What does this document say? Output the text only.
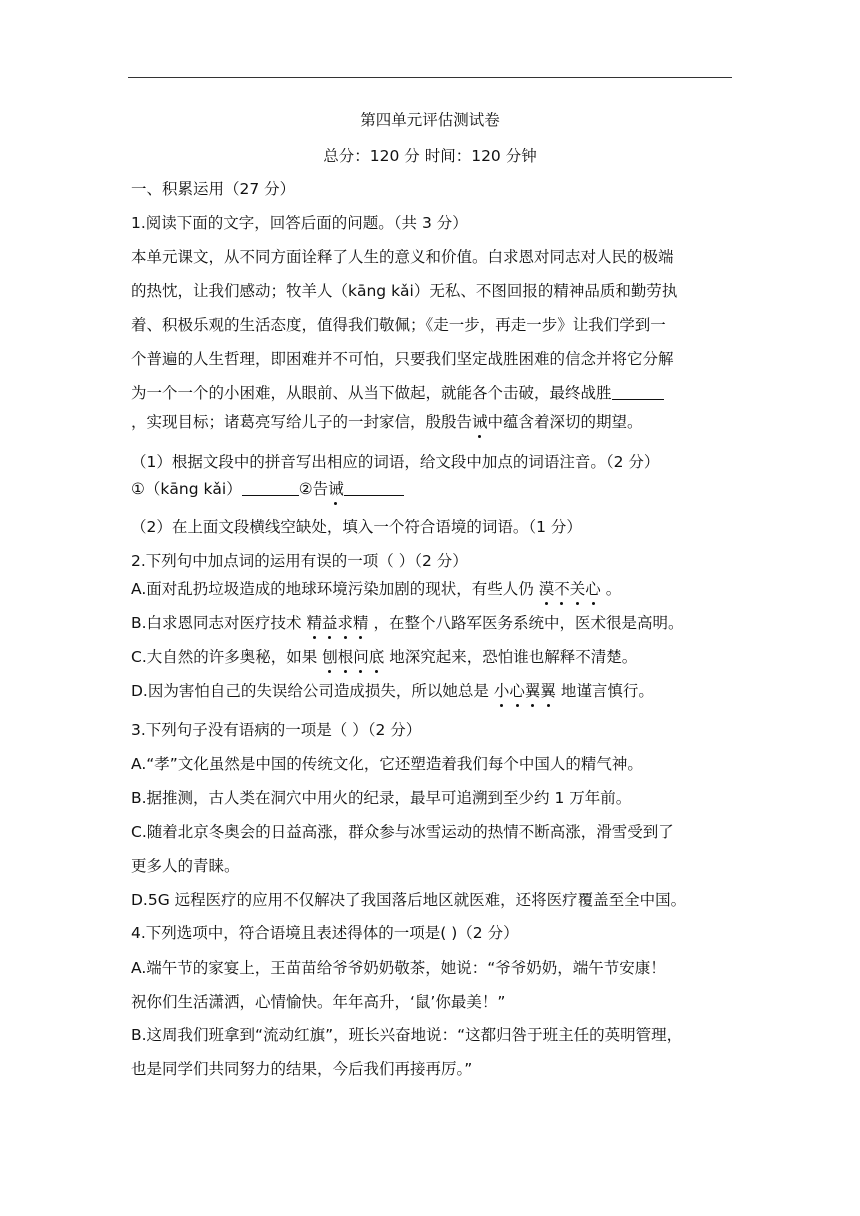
第四单元评估测试卷
总分：120 分 时间：120 分钟
一、积累运用（27 分）
1.阅读下面的文字，回答后面的问题。（共 3 分）
本单元课文，从不同方面诠释了人生的意义和价值。白求恩对同志对人民的极端
的热忱，让我们感动；牧羊人（kāng kǎi）无私、不图回报的精神品质和勤劳执
着、积极乐观的生活态度，值得我们敬佩；《走一步，再走一步》让我们学到一
个普遍的人生哲理，即困难并不可怕，只要我们坚定战胜困难的信念并将它分解
为一个一个的小困难，从眼前、从当下做起，就能各个击破，最终战胜
，实现目标；诸葛亮写给儿子的一封家信，殷殷告诫中蕴含着深切的期望。
（1）根据文段中的拼音写出相应的词语，给文段中加点的词语注音。（2 分）
①（kāng kǎi）	②告诫
（2）在上面文段横线空缺处，填入一个符合语境的词语。（1 分）
2.下列句中加点词的运用有误的一项（ ）（2 分）
A.面对乱扔垃圾造成的地球环境污染加剧的现状，有些人仍 漠不关心 。
B.白求恩同志对医疗技术 精益求精 ，在整个八路军医务系统中，医术很是高明。
C.大自然的许多奥秘，如果 刨根问底 地深究起来，恐怕谁也解释不清楚。
D.因为害怕自己的失误给公司造成损失，所以她总是 小心翼翼 地谨言慎行。
3.下列句子没有语病的一项是（ ）（2 分）
A.“孝”文化虽然是中国的传统文化，它还塑造着我们每个中国人的精气神。
B.据推测，古人类在洞穴中用火的纪录，最早可追溯到至少约 1 万年前。
C.随着北京冬奥会的日益高涨，群众参与冰雪运动的热情不断高涨，滑雪受到了
更多人的青睐。
D.5G 远程医疗的应用不仅解决了我国落后地区就医难，还将医疗覆盖至全中国。
4.下列选项中，符合语境且表述得体的一项是( )（2 分）
A.端午节的家宴上，王苗苗给爷爷奶奶敬茶，她说：“爷爷奶奶，端午节安康！
祝你们生活潇洒，心情愉快。年年高升，‘鼠’你最美！”
B.这周我们班拿到“流动红旗”，班长兴奋地说：“这都归咎于班主任的英明管理，
也是同学们共同努力的结果，今后我们再接再厉。”
